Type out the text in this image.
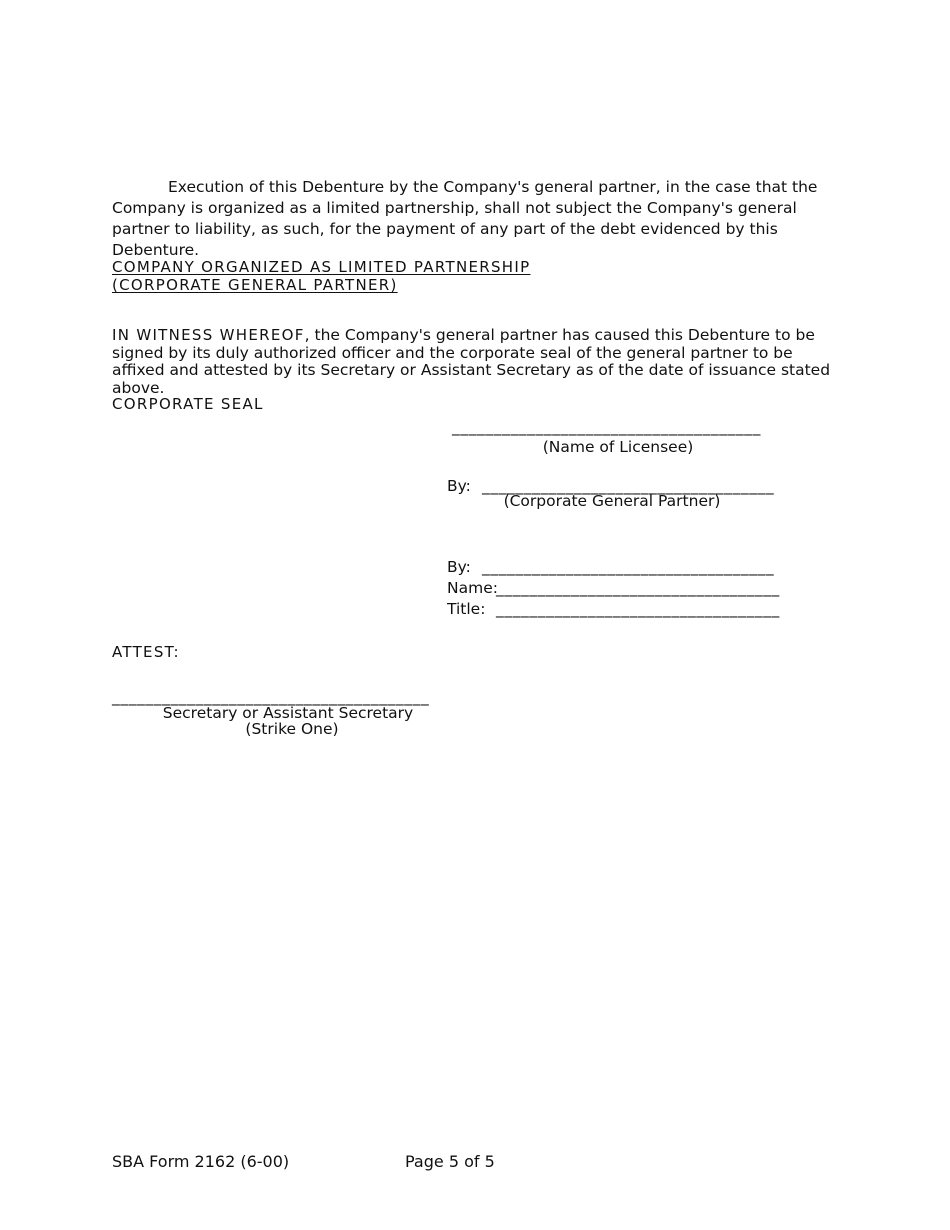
Execution of this Debenture by the Company's general partner, in the case that the Company is organized as a limited partnership, shall not subject the Company's general partner to liability, as such, for the payment of any part of the debt evidenced by this Debenture.
COMPANY ORGANIZED AS LIMITED PARTNERSHIP
(CORPORATE GENERAL PARTNER)
IN WITNESS WHEREOF, the Company's general partner has caused this Debenture to be signed by its duly authorized officer and the corporate seal of the general partner to be affixed and attested by its Secretary or Assistant Secretary as of the date of issuance stated above.
CORPORATE SEAL
_____________________________________
(Name of Licensee)
By: ___________________________________
(Corporate General Partner)
By: ___________________________________
Name:
__________________________________
Title: __________________________________
ATTEST:
______________________________________
Secretary or Assistant Secretary
(Strike One)
SBA Form 2162 (6-00)	Page 5 of 5
